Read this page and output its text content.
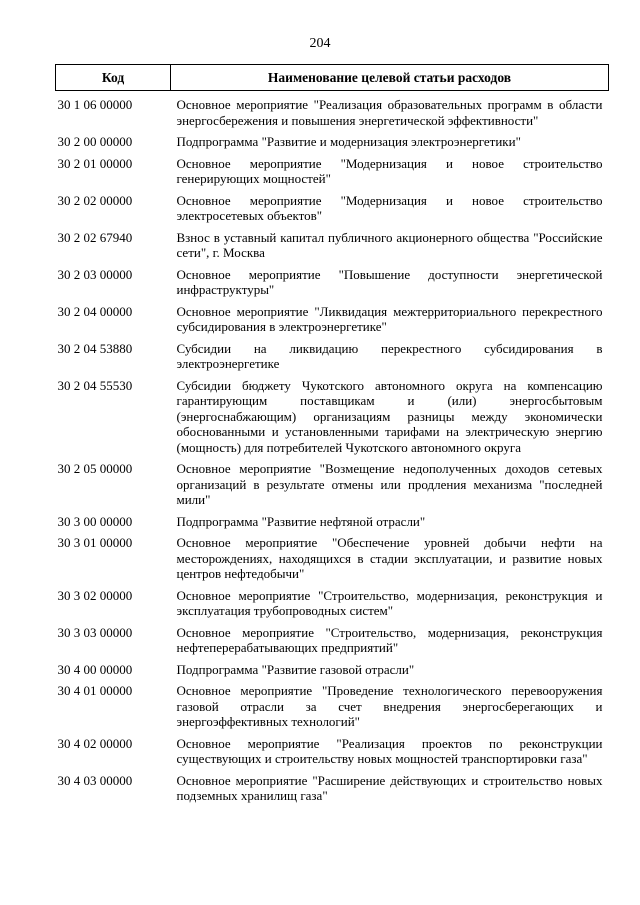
204
Код	Наименование целевой статьи расходов
30 1 06 00000	Основное мероприятие "Реализация образовательных программ в области энергосбережения и повышения энергетической эффективности"
30 2 00 00000	Подпрограмма "Развитие и модернизация электроэнергетики"
30 2 01 00000	Основное мероприятие "Модернизация и новое строительство генерирующих мощностей"
30 2 02 00000	Основное мероприятие "Модернизация и новое строительство электросетевых объектов"
30 2 02 67940	Взнос в уставный капитал публичного акционерного общества "Российские сети", г. Москва
30 2 03 00000	Основное мероприятие "Повышение доступности энергетической инфраструктуры"
30 2 04 00000	Основное мероприятие "Ликвидация межтерриториального перекрестного субсидирования в электроэнергетике"
30 2 04 53880	Субсидии на ликвидацию перекрестного субсидирования в электроэнергетике
30 2 04 55530	Субсидии бюджету Чукотского автономного округа на компенсацию гарантирующим поставщикам и (или) энергосбытовым (энергоснабжающим) организациям разницы между экономически обоснованными и установленными тарифами на электрическую энергию (мощность) для потребителей Чукотского автономного округа
30 2 05 00000	Основное мероприятие "Возмещение недополученных доходов сетевых организаций в результате отмены или продления механизма "последней мили"
30 3 00 00000	Подпрограмма "Развитие нефтяной отрасли"
30 3 01 00000	Основное мероприятие "Обеспечение уровней добычи нефти на месторождениях, находящихся в стадии эксплуатации, и развитие новых центров нефтедобычи"
30 3 02 00000	Основное мероприятие "Строительство, модернизация, реконструкция и эксплуатация трубопроводных систем"
30 3 03 00000	Основное мероприятие "Строительство, модернизация, реконструкция нефтеперерабатывающих предприятий"
30 4 00 00000	Подпрограмма "Развитие газовой отрасли"
30 4 01 00000	Основное мероприятие "Проведение технологического перевооружения газовой отрасли за счет внедрения энергосберегающих и энергоэффективных технологий"
30 4 02 00000	Основное мероприятие "Реализация проектов по реконструкции существующих и строительству новых мощностей транспортировки газа"
30 4 03 00000	Основное мероприятие "Расширение действующих и строительство новых подземных хранилищ газа"
